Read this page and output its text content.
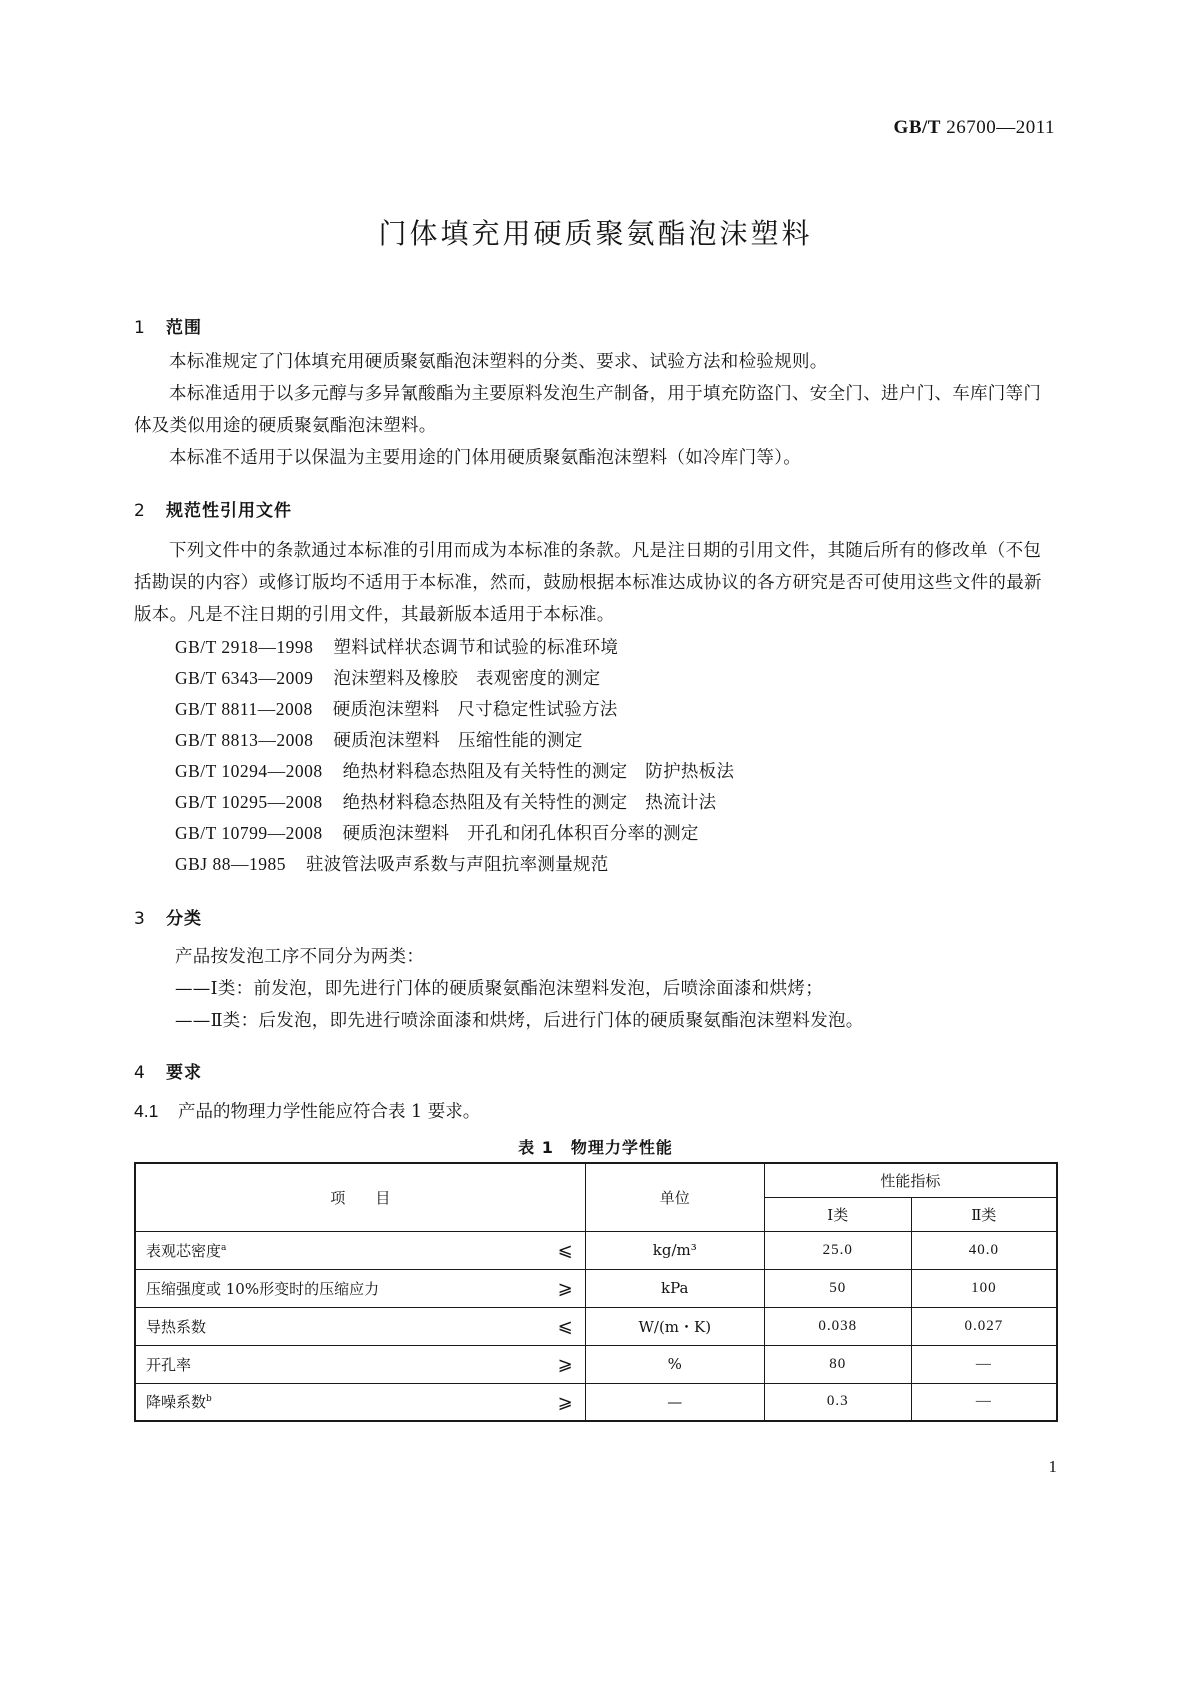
GB/T 26700—2011
门体填充用硬质聚氨酯泡沫塑料
1 范围
本标准规定了门体填充用硬质聚氨酯泡沫塑料的分类、要求、试验方法和检验规则。
本标准适用于以多元醇与多异氰酸酯为主要原料发泡生产制备，用于填充防盗门、安全门、进户门、车库门等门体及类似用途的硬质聚氨酯泡沫塑料。
本标准不适用于以保温为主要用途的门体用硬质聚氨酯泡沫塑料（如冷库门等）。
2 规范性引用文件
下列文件中的条款通过本标准的引用而成为本标准的条款。凡是注日期的引用文件，其随后所有的修改单（不包括勘误的内容）或修订版均不适用于本标准，然而，鼓励根据本标准达成协议的各方研究是否可使用这些文件的最新版本。凡是不注日期的引用文件，其最新版本适用于本标准。
GB/T 2918—1998 塑料试样状态调节和试验的标准环境
GB/T 6343—2009 泡沫塑料及橡胶　表观密度的测定
GB/T 8811—2008 硬质泡沫塑料　尺寸稳定性试验方法
GB/T 8813—2008 硬质泡沫塑料　压缩性能的测定
GB/T 10294—2008 绝热材料稳态热阻及有关特性的测定　防护热板法
GB/T 10295—2008 绝热材料稳态热阻及有关特性的测定　热流计法
GB/T 10799—2008 硬质泡沫塑料　开孔和闭孔体积百分率的测定
GBJ 88—1985 驻波管法吸声系数与声阻抗率测量规范
3 分类
产品按发泡工序不同分为两类：
——Ⅰ类：前发泡，即先进行门体的硬质聚氨酯泡沫塑料发泡，后喷涂面漆和烘烤；
——Ⅱ类：后发泡，即先进行喷涂面漆和烘烤，后进行门体的硬质聚氨酯泡沫塑料发泡。
4 要求
4.1 产品的物理力学性能应符合表 1 要求。
表 1　物理力学性能
项　　目	单位	性能指标	
		Ⅰ类	Ⅱ类
表观芯密度$^a$ ⩽	kg/m³	25.0	40.0
压缩强度或 10%形变时的压缩应力 ⩾	kPa	50	100
导热系数 ⩽	W/(m・K)	0.038	0.027
开孔率 ⩾	%	80	—
降噪系数$^b$ ⩾	—	0.3	—
1
